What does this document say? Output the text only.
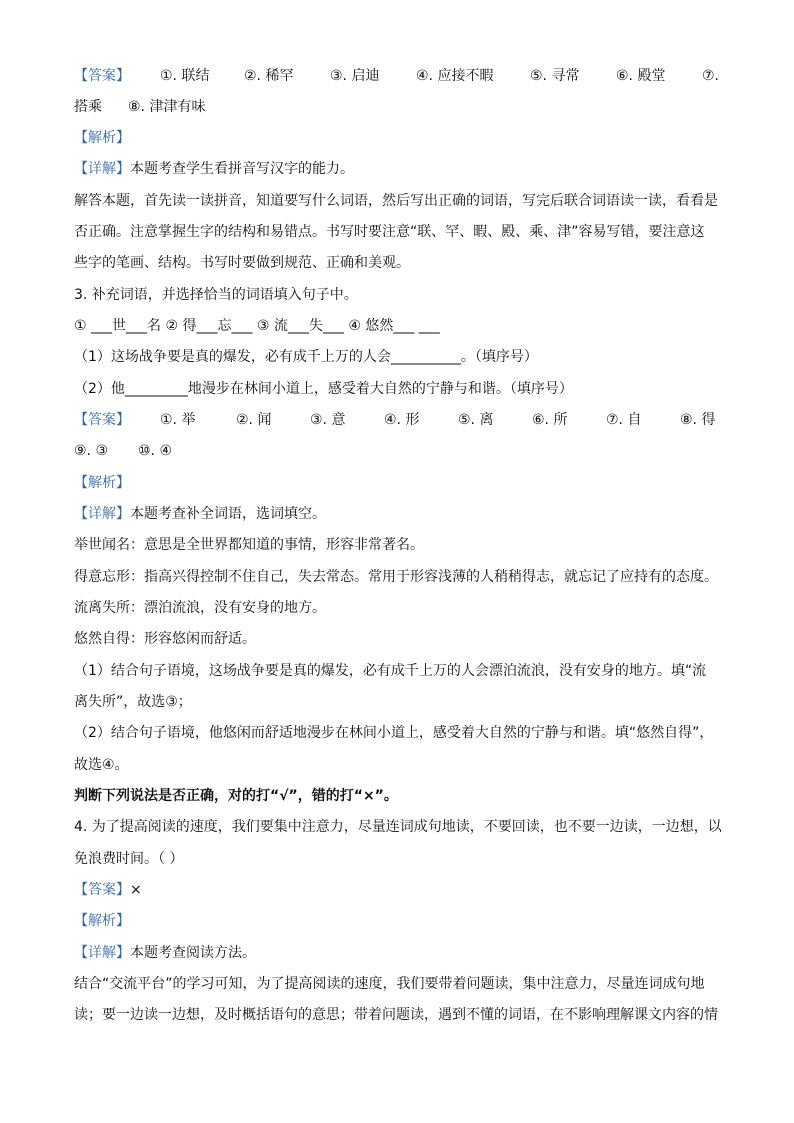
【答案】 ①. 联结 ②. 稀罕	③. 启迪	④. 应接不暇	⑤. 寻常	⑥. 殿堂	⑦.
搭乘 ⑧. 津津有味
【解析】
【详解】本题考查学生看拼音写汉字的能力。
解答本题，首先读一读拼音，知道要写什么词语，然后写出正确的词语，写完后联合词语读一读，看看是
否正确。注意掌握生字的结构和易错点。书写时要注意“联、罕、暇、殿、乘、津”容易写错，要注意这
些字的笔画、结构。书写时要做到规范、正确和美观。
3. 补充词语，并选择恰当的词语填入句子中。
① ___世___名 ② 得___忘___ ③ 流___失___ ④ 悠然___ ___
（1）这场战争要是真的爆发，必有成千上万的人会__________。（填序号）
（2）他_________地漫步在林间小道上，感受着大自然的宁静与和谐。（填序号）
【答案】 ①. 举	②. 闻	③. 意	④. 形	⑤. 离	⑥. 所	⑦. 自	⑧. 得
⑨. ③ ⑩. ④
【解析】
【详解】本题考查补全词语，选词填空。
举世闻名：意思是全世界都知道的事情，形容非常著名。
得意忘形：指高兴得控制不住自己，失去常态。常用于形容浅薄的人稍稍得志，就忘记了应持有的态度。
流离失所：漂泊流浪，没有安身的地方。
悠然自得：形容悠闲而舒适。
（1）结合句子语境，这场战争要是真的爆发，必有成千上万的人会漂泊流浪，没有安身的地方。填“流
离失所”，故选③；
（2）结合句子语境，他悠闲而舒适地漫步在林间小道上，感受着大自然的宁静与和谐。填“悠然自得”，
故选④。
判断下列说法是否正确，对的打“√”，错的打“×”。
4. 为了提高阅读的速度，我们要集中注意力，尽量连词成句地读，不要回读，也不要一边读，一边想，以
免浪费时间。（ ）
【答案】×
【解析】
【详解】本题考查阅读方法。
结合“交流平台”的学习可知，为了提高阅读的速度，我们要带着问题读，集中注意力，尽量连词成句地
读；要一边读一边想，及时概括语句的意思；带着问题读，遇到不懂的词语，在不影响理解课文内容的情
